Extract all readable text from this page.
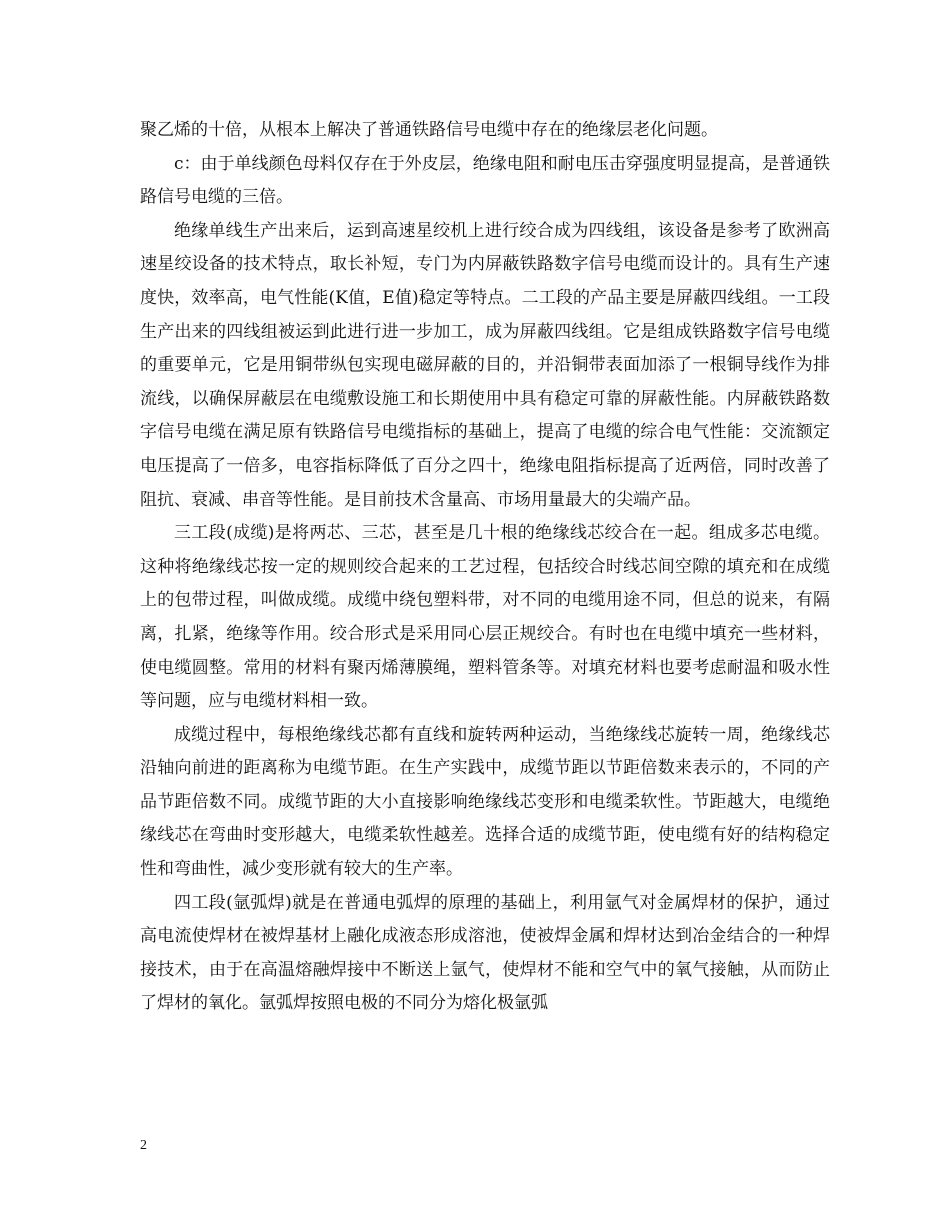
聚乙烯的十倍，从根本上解决了普通铁路信号电缆中存在的绝缘层老化问题。

c：由于单线颜色母料仅存在于外皮层，绝缘电阻和耐电压击穿强度明显提高，是普通铁路信号电缆的三倍。

绝缘单线生产出来后，运到高速星绞机上进行绞合成为四线组，该设备是参考了欧洲高速星绞设备的技术特点，取长补短，专门为内屏蔽铁路数字信号电缆而设计的。具有生产速度快，效率高，电气性能(K值，E值)稳定等特点。二工段的产品主要是屏蔽四线组。一工段生产出来的四线组被运到此进行进一步加工，成为屏蔽四线组。它是组成铁路数字信号电缆的重要单元，它是用铜带纵包实现电磁屏蔽的目的，并沿铜带表面加添了一根铜导线作为排流线，以确保屏蔽层在电缆敷设施工和长期使用中具有稳定可靠的屏蔽性能。内屏蔽铁路数字信号电缆在满足原有铁路信号电缆指标的基础上，提高了电缆的综合电气性能：交流额定电压提高了一倍多，电容指标降低了百分之四十，绝缘电阻指标提高了近两倍，同时改善了阻抗、衰减、串音等性能。是目前技术含量高、市场用量最大的尖端产品。

三工段(成缆)是将两芯、三芯，甚至是几十根的绝缘线芯绞合在一起。组成多芯电缆。这种将绝缘线芯按一定的规则绞合起来的工艺过程，包括绞合时线芯间空隙的填充和在成缆上的包带过程，叫做成缆。成缆中绕包塑料带，对不同的电缆用途不同，但总的说来，有隔离，扎紧，绝缘等作用。绞合形式是采用同心层正规绞合。有时也在电缆中填充一些材料，使电缆圆整。常用的材料有聚丙烯薄膜绳，塑料管条等。对填充材料也要考虑耐温和吸水性等问题，应与电缆材料相一致。

成缆过程中，每根绝缘线芯都有直线和旋转两种运动，当绝缘线芯旋转一周，绝缘线芯沿轴向前进的距离称为电缆节距。在生产实践中，成缆节距以节距倍数来表示的，不同的产品节距倍数不同。成缆节距的大小直接影响绝缘线芯变形和电缆柔软性。节距越大，电缆绝缘线芯在弯曲时变形越大，电缆柔软性越差。选择合适的成缆节距，使电缆有好的结构稳定性和弯曲性，减少变形就有较大的生产率。

四工段(氩弧焊)就是在普通电弧焊的原理的基础上，利用氩气对金属焊材的保护，通过高电流使焊材在被焊基材上融化成液态形成溶池，使被焊金属和焊材达到冶金结合的一种焊接技术，由于在高温熔融焊接中不断送上氩气，使焊材不能和空气中的氧气接触，从而防止了焊材的氧化。氩弧焊按照电极的不同分为熔化极氩弧

2
